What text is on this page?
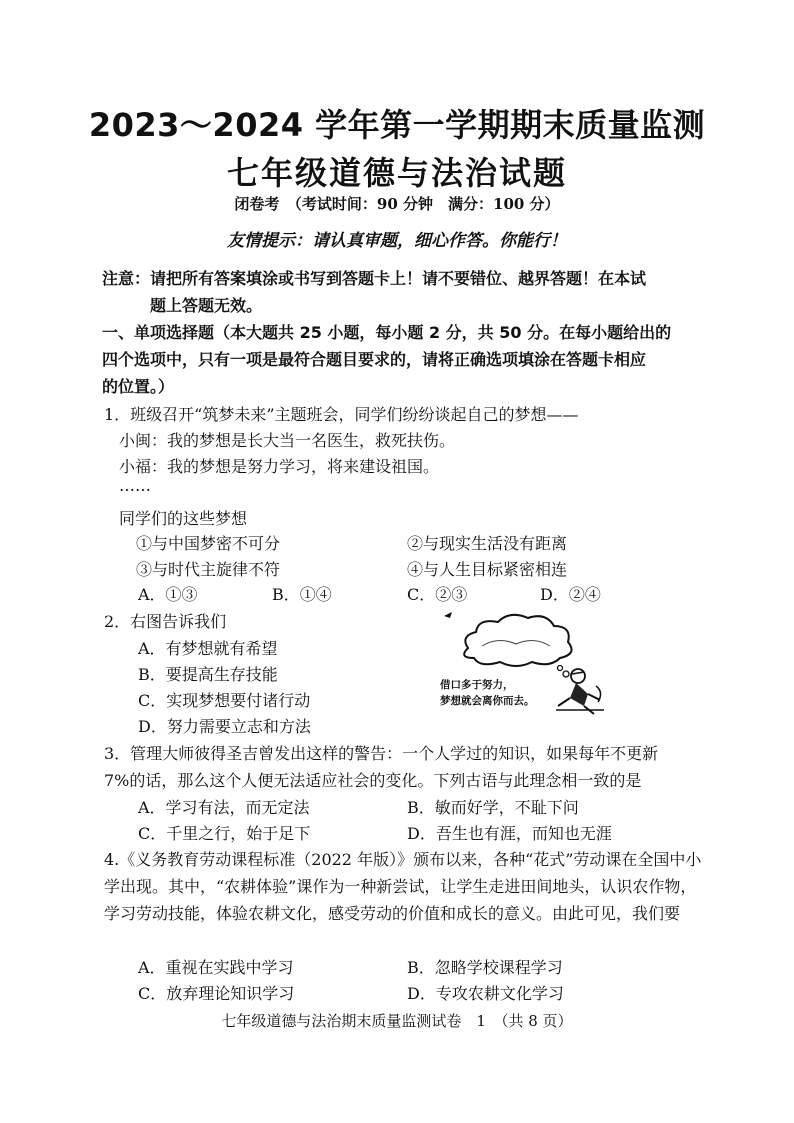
2023～2024 学年第一学期期末质量监测
七年级道德与法治试题
闭卷考　（考试时间：90 分钟　满分：100 分）
友情提示：请认真审题，细心作答。你能行！
注意：请把所有答案填涂或书写到答题卡上！请不要错位、越界答题！在本试
题上答题无效。
一、单项选择题（本大题共 25 小题，每小题 2 分，共 50 分。在每小题给出的
四个选项中，只有一项是最符合题目要求的，请将正确选项填涂在答题卡相应
的位置。）
1．班级召开“筑梦未来”主题班会，同学们纷纷谈起自己的梦想——
小闽：我的梦想是长大当一名医生，救死扶伤。
小福：我的梦想是努力学习，将来建设祖国。
……
同学们的这些梦想
①与中国梦密不可分	②与现实生活没有距离
③与时代主旋律不符	④与人生目标紧密相连
A．①③	B．①④	C．②③	D．②④
2．右图告诉我们
A．有梦想就有希望
B．要提高生存技能
C．实现梦想要付诸行动
D．努力需要立志和方法
借口多于努力，
梦想就会离你而去。
3．管理大师彼得圣吉曾发出这样的警告：一个人学过的知识，如果每年不更新
7%的话，那么这个人便无法适应社会的变化。下列古语与此理念相一致的是
A．学习有法，而无定法	B．敏而好学，不耻下问
C．千里之行，始于足下	D．吾生也有涯，而知也无涯
4.《义务教育劳动课程标准（2022 年版）》颁布以来，各种“花式”劳动课在全国中小学出现。其中，“农耕体验”课作为一种新尝试，让学生走进田间地头，认识农作物，学习劳动技能，体验农耕文化，感受劳动的价值和成长的意义。由此可见，我们要
A．重视在实践中学习	B．忽略学校课程学习
C．放弃理论知识学习	D．专攻农耕文化学习
七年级道德与法治期末质量监测试卷　1　（共 8 页）
